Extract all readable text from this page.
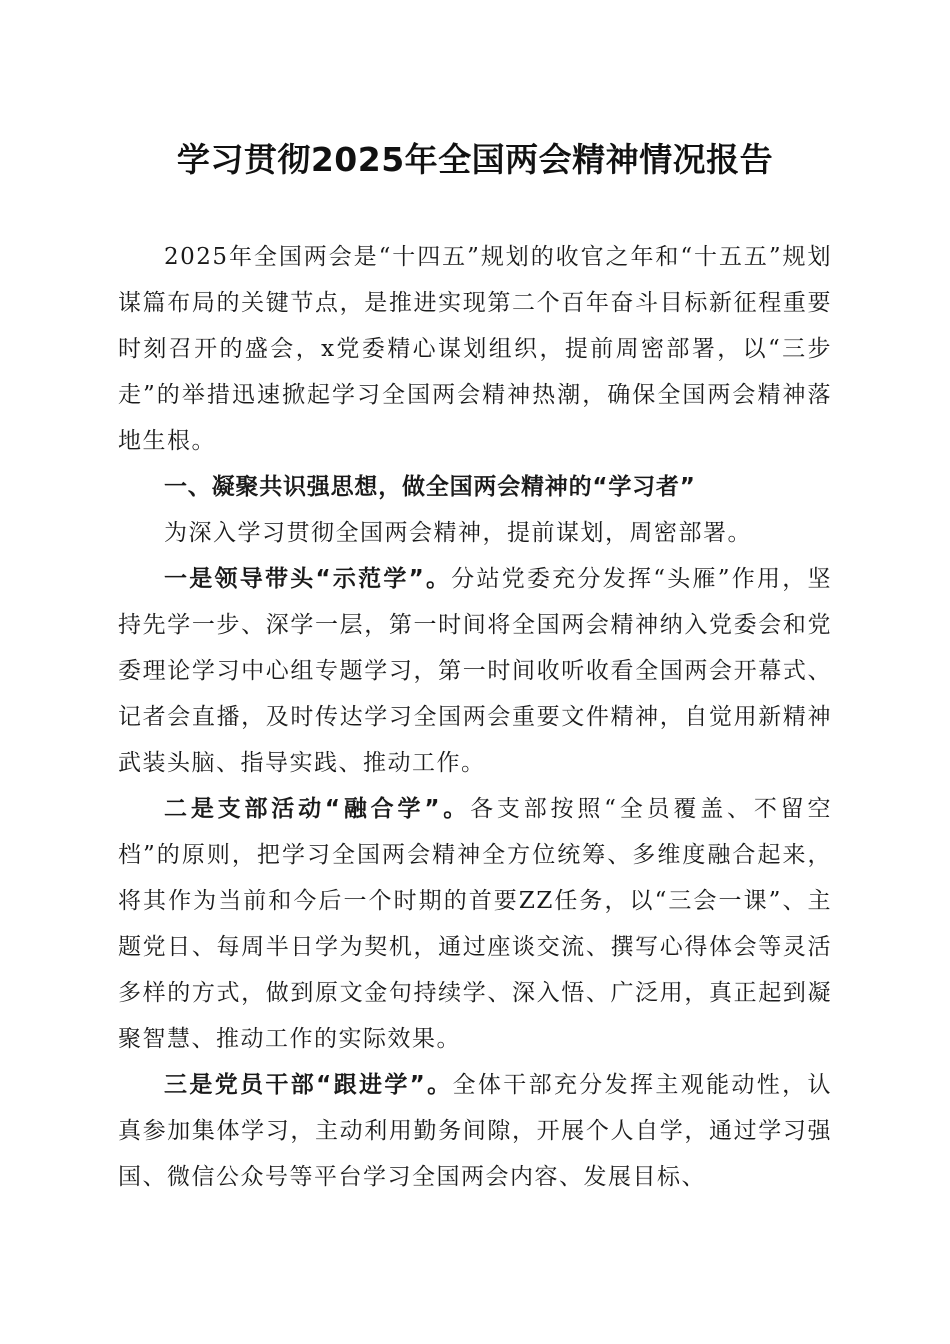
学习贯彻2025年全国两会精神情况报告

2025年全国两会是“十四五”规划的收官之年和“十五五”规划谋篇布局的关键节点，是推进实现第二个百年奋斗目标新征程重要时刻召开的盛会，x党委精心谋划组织，提前周密部署，以“三步走”的举措迅速掀起学习全国两会精神热潮，确保全国两会精神落地生根。

一、凝聚共识强思想，做全国两会精神的“学习者”

为深入学习贯彻全国两会精神，提前谋划，周密部署。

一是领导带头“示范学”。分站党委充分发挥“头雁”作用，坚持先学一步、深学一层，第一时间将全国两会精神纳入党委会和党委理论学习中心组专题学习，第一时间收听收看全国两会开幕式、记者会直播，及时传达学习全国两会重要文件精神，自觉用新精神武装头脑、指导实践、推动工作。

二是支部活动“融合学”。各支部按照“全员覆盖、不留空档”的原则，把学习全国两会精神全方位统筹、多维度融合起来，将其作为当前和今后一个时期的首要ZZ任务，以“三会一课”、主题党日、每周半日学为契机，通过座谈交流、撰写心得体会等灵活多样的方式，做到原文金句持续学、深入悟、广泛用，真正起到凝聚智慧、推动工作的实际效果。

三是党员干部“跟进学”。全体干部充分发挥主观能动性，认真参加集体学习，主动利用勤务间隙，开展个人自学，通过学习强国、微信公众号等平台学习全国两会内容、发展目标、
